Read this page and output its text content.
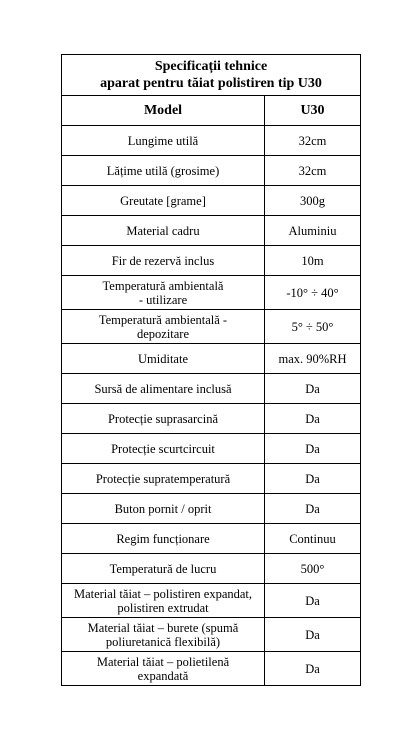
Specificații tehnice
aparat pentru tăiat polistiren tip U30	

Model	U30
Lungime utilă	32cm
Lățime utilă (grosime)	32cm
Greutate [grame]	300g
Material cadru	Aluminiu
Fir de rezervă inclus	10m
Temperatură ambientală
- utilizare	-10° ÷ 40°
Temperatură ambientală -
depozitare	5° ÷ 50°
Umiditate	max. 90%RH
Sursă de alimentare inclusă	Da
Protecție suprasarcină	Da
Protecție scurtcircuit	Da
Protecție supratemperatură	Da
Buton pornit / oprit	Da
Regim funcționare	Continuu
Temperatură de lucru	500°
Material tăiat – polistiren expandat,
polistiren extrudat	Da
Material tăiat – burete (spumă
poliuretanică flexibilă)	Da
Material tăiat – polietilenă
expandată	Da
